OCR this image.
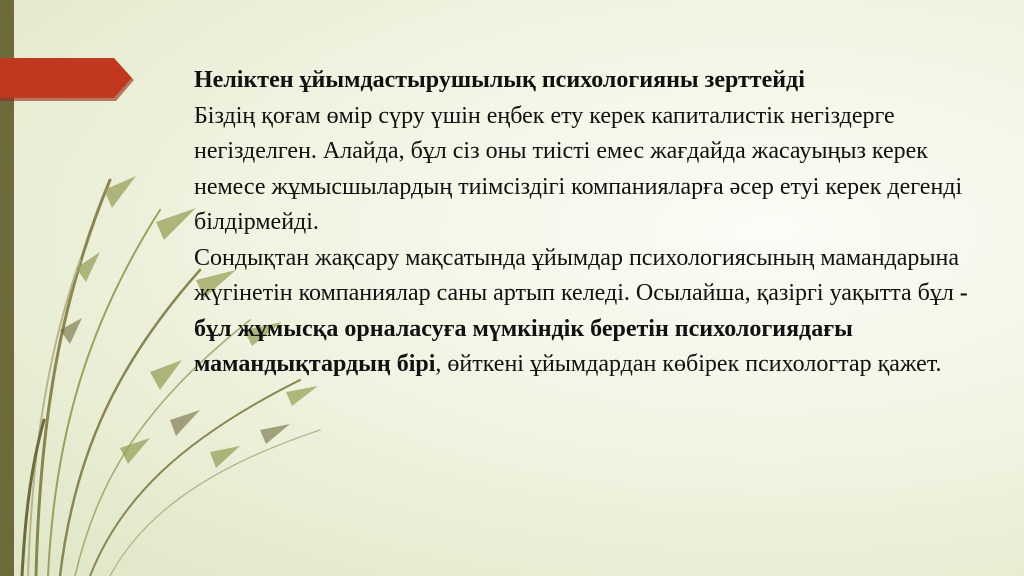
Неліктен ұйымдастырушылық психологияны зерттейді

Біздің қоғам өмір сүру үшін еңбек ету керек капиталистік негіздерге негізделген. Алайда, бұл сіз оны тиісті емес жағдайда жасауыңыз керек немесе жұмысшылардың тиімсіздігі компанияларға әсер етуі керек дегенді білдірмейді.

Сондықтан жақсару мақсатында ұйымдар психологиясының мамандарына жүгінетін компаниялар саны артып келеді. Осылайша, қазіргі уақытта бұл - бұл жұмысқа орналасуға мүмкіндік беретін психологиядағы мамандықтардың бірі, өйткені ұйымдардан көбірек психологтар қажет.
